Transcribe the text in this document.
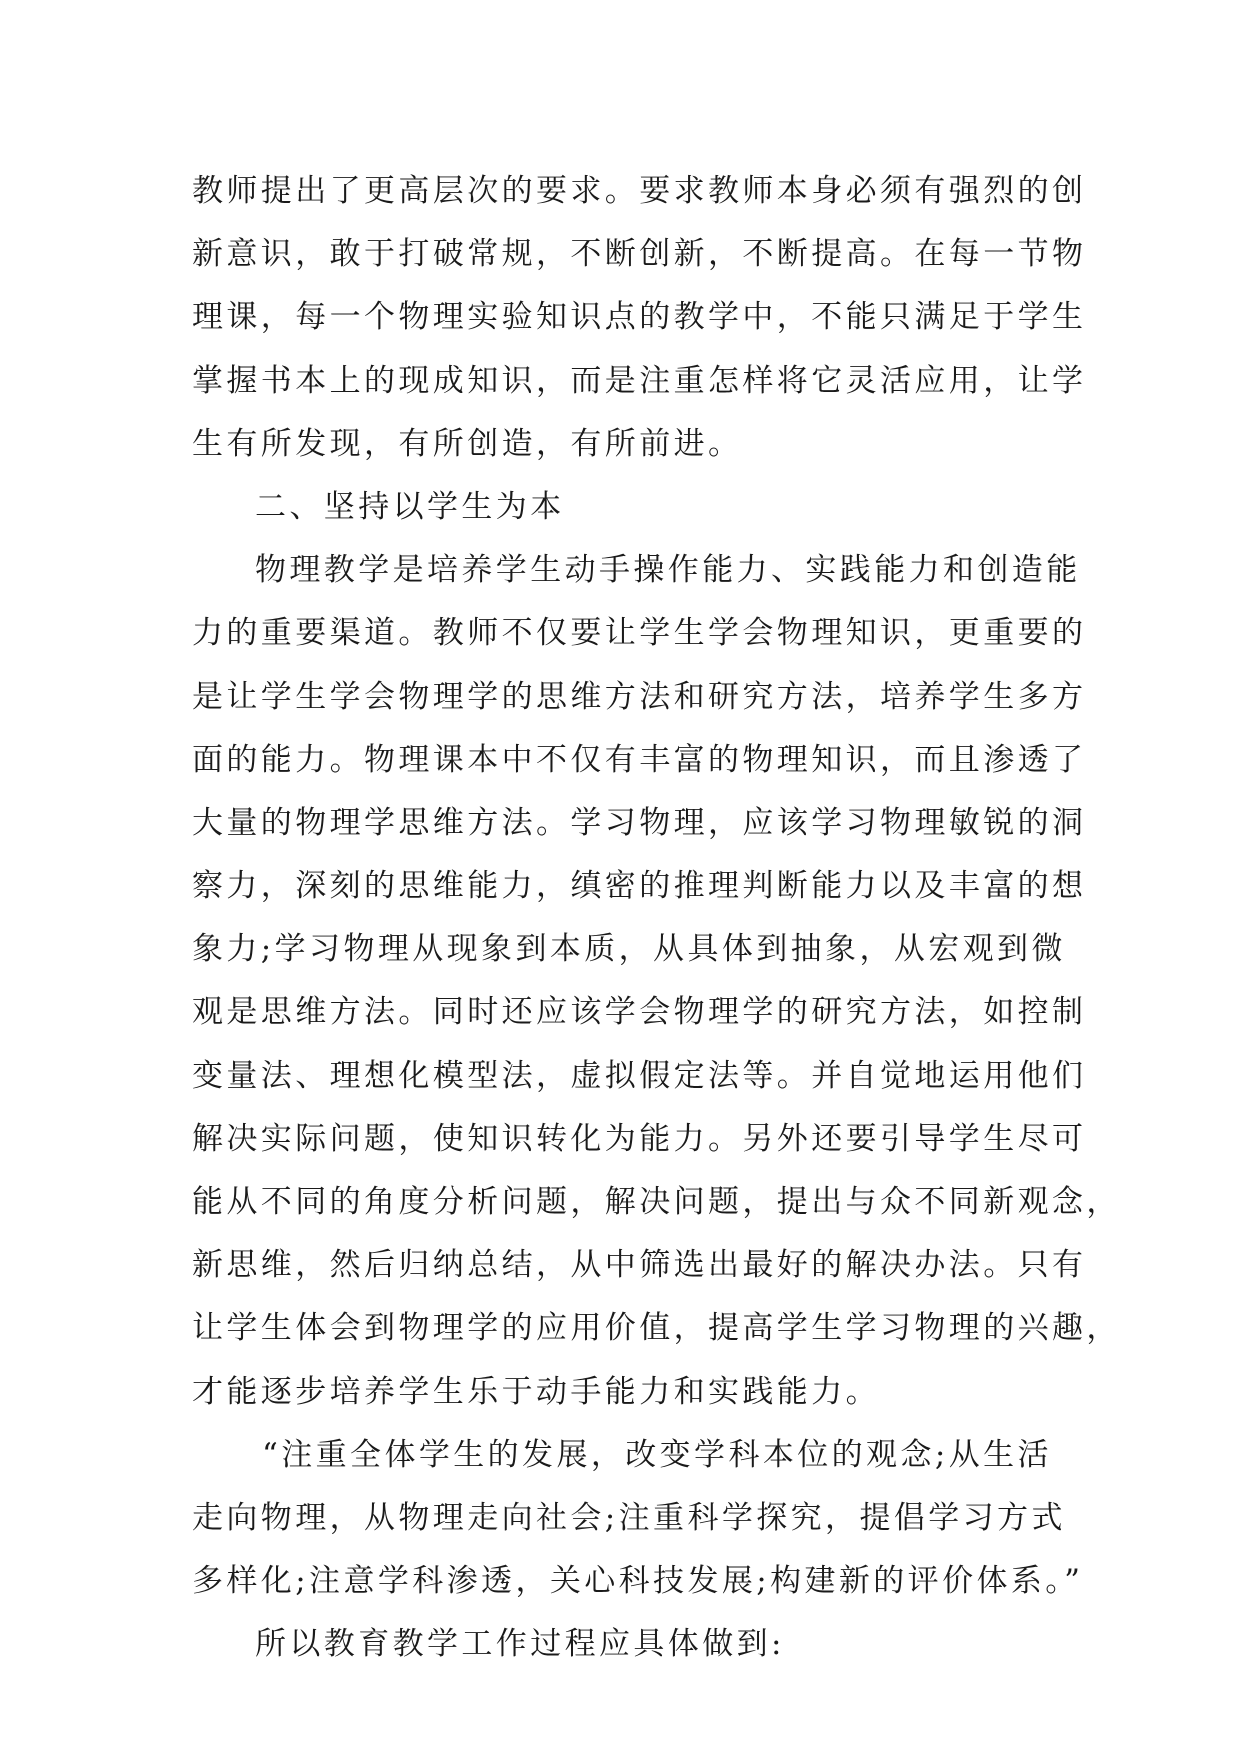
教师提出了更高层次的要求。要求教师本身必须有强烈的创
新意识，敢于打破常规，不断创新，不断提高。在每一节物
理课，每一个物理实验知识点的教学中，不能只满足于学生
掌握书本上的现成知识，而是注重怎样将它灵活应用，让学
生有所发现，有所创造，有所前进。
二、坚持以学生为本
物理教学是培养学生动手操作能力、实践能力和创造能
力的重要渠道。教师不仅要让学生学会物理知识，更重要的
是让学生学会物理学的思维方法和研究方法，培养学生多方
面的能力。物理课本中不仅有丰富的物理知识，而且渗透了
大量的物理学思维方法。学习物理，应该学习物理敏锐的洞
察力，深刻的思维能力，缜密的推理判断能力以及丰富的想
象力;学习物理从现象到本质，从具体到抽象，从宏观到微
观是思维方法。同时还应该学会物理学的研究方法，如控制
变量法、理想化模型法，虚拟假定法等。并自觉地运用他们
解决实际问题，使知识转化为能力。另外还要引导学生尽可
能从不同的角度分析问题，解决问题，提出与众不同新观念，
新思维，然后归纳总结，从中筛选出最好的解决办法。只有
让学生体会到物理学的应用价值，提高学生学习物理的兴趣，
才能逐步培养学生乐于动手能力和实践能力。
“注重全体学生的发展，改变学科本位的观念;从生活
走向物理，从物理走向社会;注重科学探究，提倡学习方式
多样化;注意学科渗透，关心科技发展;构建新的评价体系。”
所以教育教学工作过程应具体做到:
